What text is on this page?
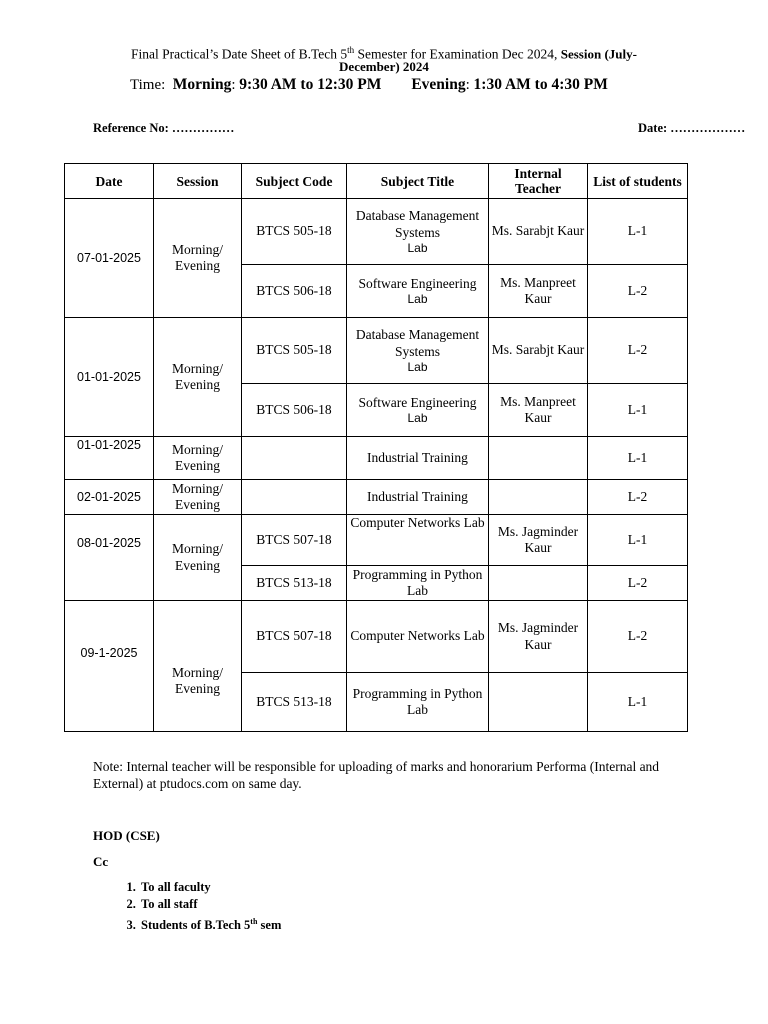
Final Practical’s Date Sheet of B.Tech 5th Semester for Examination Dec 2024, Session (July-
December) 2024
Time: Morning: 9:30 AM to 12:30 PM Evening: 1:30 AM to 4:30 PM
Reference No: ……………	Date: ………………
Date	Session	Subject Code	Subject Title	Internal Teacher	List of students
07-01-2025	Morning/ Evening	BTCS 505-18	Database Management Systems
Lab	Ms. Sarabjt Kaur	L-1
		BTCS 506-18	Software Engineering
Lab	Ms. Manpreet Kaur	L-2
01-01-2025	Morning/ Evening	BTCS 505-18	Database Management Systems
Lab	Ms. Sarabjt Kaur	L-2
		BTCS 506-18	Software Engineering
Lab	Ms. Manpreet Kaur	L-1
01-01-2025	Morning/ Evening		Industrial Training		L-1
02-01-2025	Morning/ Evening		Industrial Training		L-2
08-01-2025	Morning/ Evening	BTCS 507-18	Computer Networks Lab	Ms. Jagminder Kaur	L-1
		BTCS 513-18	Programming in Python Lab		L-2
09-1-2025	Morning/ Evening	BTCS 507-18	Computer Networks Lab	Ms. Jagminder Kaur	L-2
		BTCS 513-18	Programming in Python Lab		L-1
Note: Internal teacher will be responsible for uploading of marks and honorarium Performa (Internal and External) at ptudocs.com on same day.
HOD (CSE)
Cc
1. To all faculty
2. To all staff
3. Students of B.Tech 5th sem
